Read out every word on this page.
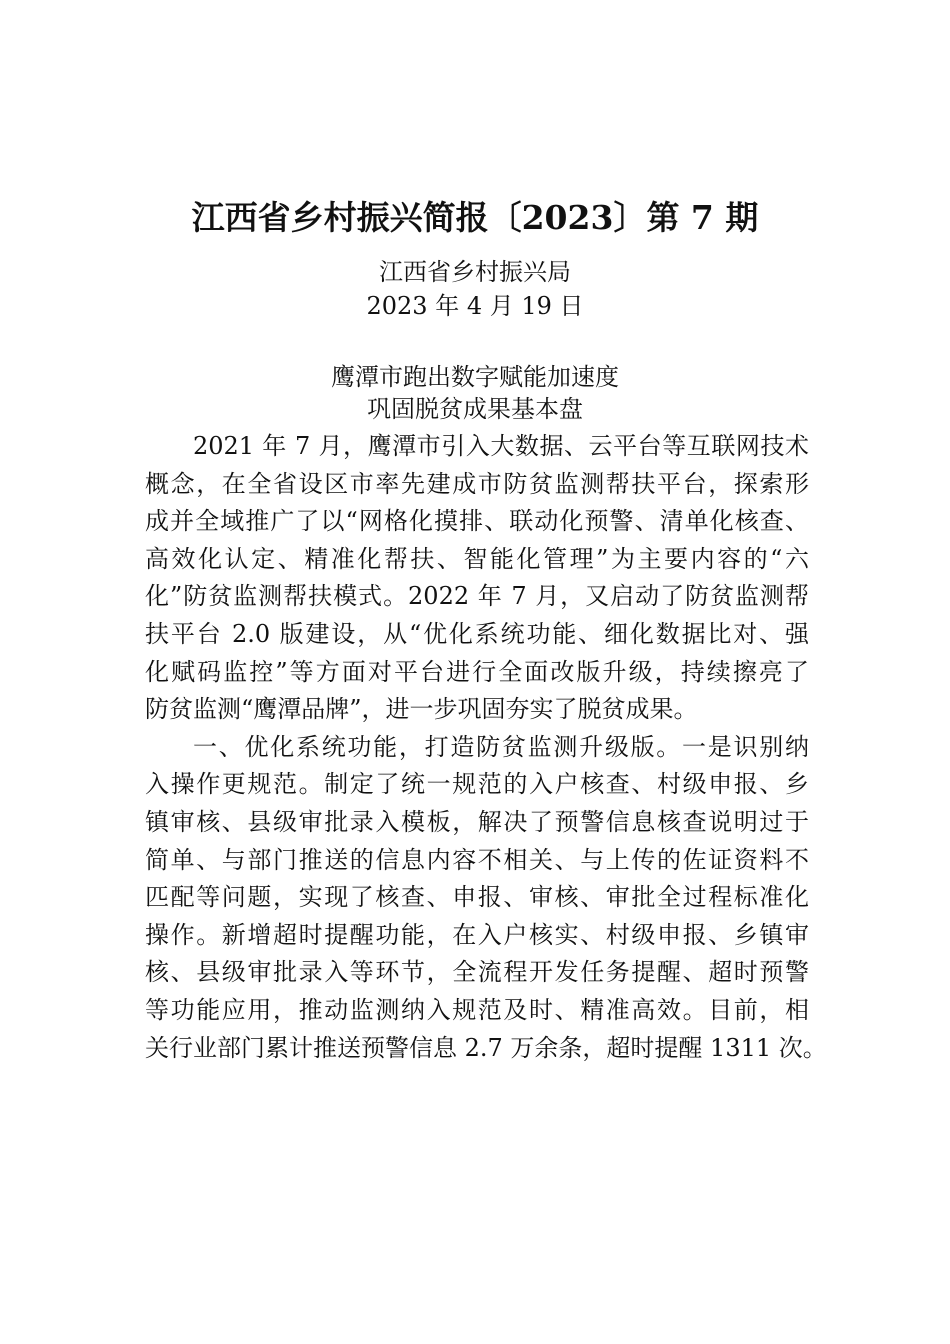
江西省乡村振兴简报〔2023〕第 7 期
江西省乡村振兴局
2023 年 4 月 19 日
鹰潭市跑出数字赋能加速度
巩固脱贫成果基本盘
2021 年 7 月，鹰潭市引入大数据、云平台等互联网技术
概念，在全省设区市率先建成市防贫监测帮扶平台，探索形
成并全域推广了以“网格化摸排、联动化预警、清单化核查、
高效化认定、精准化帮扶、智能化管理”为主要内容的“六
化”防贫监测帮扶模式。2022 年 7 月，又启动了防贫监测帮
扶平台 2.0 版建设，从“优化系统功能、细化数据比对、强
化赋码监控”等方面对平台进行全面改版升级，持续擦亮了
防贫监测“鹰潭品牌”，进一步巩固夯实了脱贫成果。
一、优化系统功能，打造防贫监测升级版。一是识别纳
入操作更规范。制定了统一规范的入户核查、村级申报、乡
镇审核、县级审批录入模板，解决了预警信息核查说明过于
简单、与部门推送的信息内容不相关、与上传的佐证资料不
匹配等问题，实现了核查、申报、审核、审批全过程标准化
操作。新增超时提醒功能，在入户核实、村级申报、乡镇审
核、县级审批录入等环节，全流程开发任务提醒、超时预警
等功能应用，推动监测纳入规范及时、精准高效。目前，相
关行业部门累计推送预警信息 2.7 万余条，超时提醒 1311 次。
